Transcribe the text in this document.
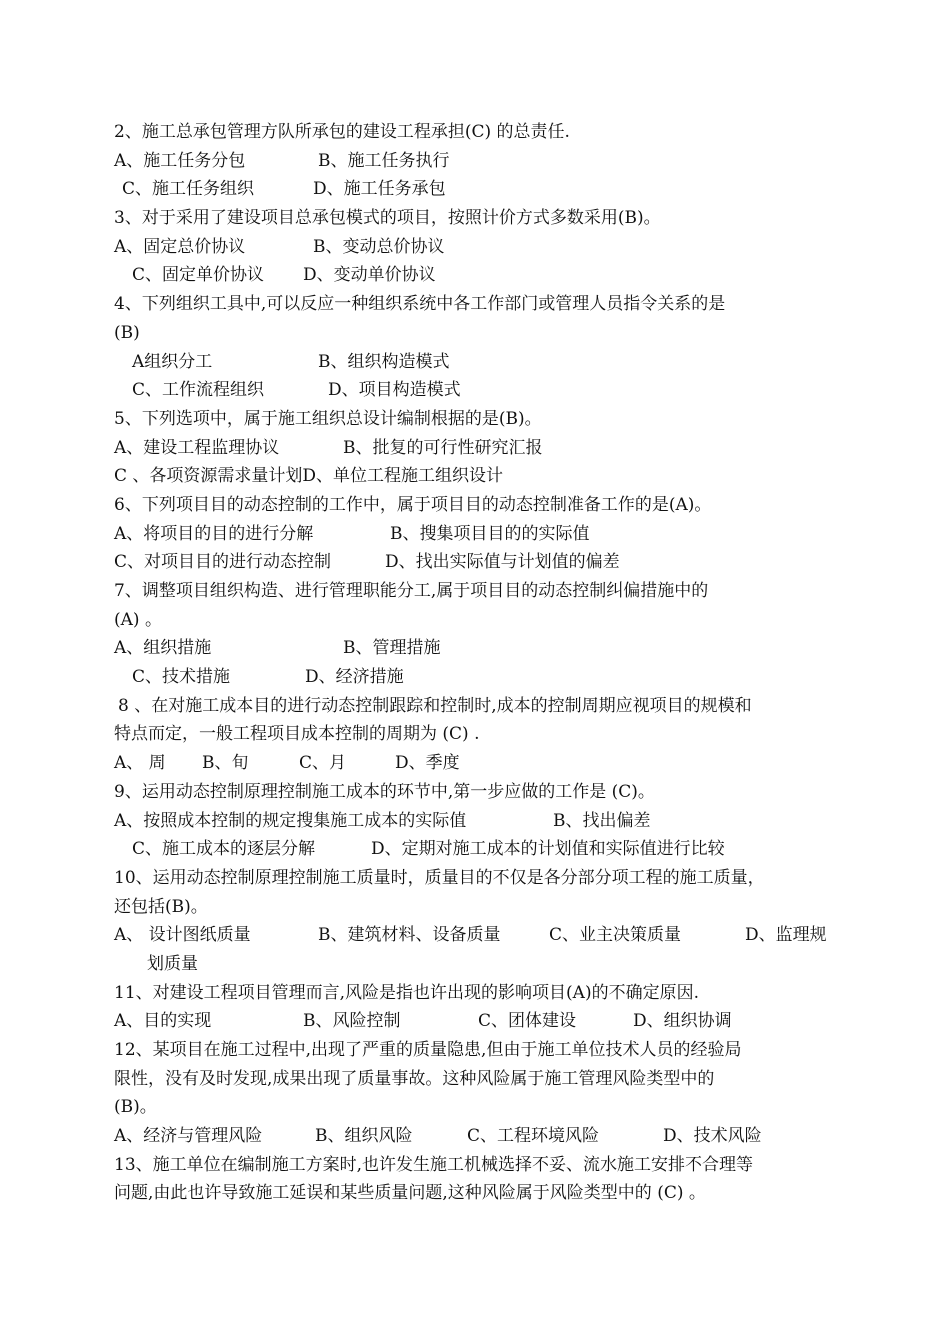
2、施工总承包管理方队所承包的建设工程承担(C) 的总责任.
A、施工任务分包	B、施工任务执行
C、施工任务组织	D、施工任务承包
3、对于采用了建设项目总承包模式的项目，按照计价方式多数采用(B)。
A、固定总价协议	B、变动总价协议
C、固定单价协议 D、变动单价协议
4、下列组织工具中,可以反应一种组织系统中各工作部门或管理人员指令关系的是
(B)
A组织分工	B、组织构造模式
C、工作流程组织	D、项目构造模式
5、下列选项中，属于施工组织总设计编制根据的是(B)。
A、建设工程监理协议	B、批复的可行性研究汇报
C 、各项资源需求量计划D、单位工程施工组织设计
6、下列项目目的动态控制的工作中，属于项目目的动态控制准备工作的是(A)。
A、将项目的目的进行分解	B、搜集项目目的的实际值
C、对项目目的进行动态控制	D、找出实际值与计划值的偏差
7、调整项目组织构造、进行管理职能分工,属于项目目的动态控制纠偏措施中的
(A) 。
A、组织措施	B、管理措施
C、技术措施	D、经济措施
8 、在对施工成本目的进行动态控制跟踪和控制时,成本的控制周期应视项目的规模和
特点而定，一般工程项目成本控制的周期为 (C) .
A、 周 B、旬	C、月	D、季度
9、运用动态控制原理控制施工成本的环节中,第一步应做的工作是 (C)。
A、按照成本控制的规定搜集施工成本的实际值	B、找出偏差
C、施工成本的逐层分解	D、定期对施工成本的计划值和实际值进行比较
10、运用动态控制原理控制施工质量时，质量目的不仅是各分部分项工程的施工质量，
还包括(B)。
A、 设计图纸质量	B、建筑材料、设备质量	C、业主决策质量	D、监理规
划质量
11、对建设工程项目管理而言,风险是指也许出现的影响项目(A)的不确定原因.
A、目的实现	B、风险控制	C、团体建设	D、组织协调
12、某项目在施工过程中,出现了严重的质量隐患,但由于施工单位技术人员的经验局
限性，没有及时发现,成果出现了质量事故。这种风险属于施工管理风险类型中的
(B)。
A、经济与管理风险	B、组织风险	C、工程环境风险	D、技术风险
13、施工单位在编制施工方案时,也许发生施工机械选择不妥、流水施工安排不合理等
问题,由此也许导致施工延误和某些质量问题,这种风险属于风险类型中的 (C) 。
